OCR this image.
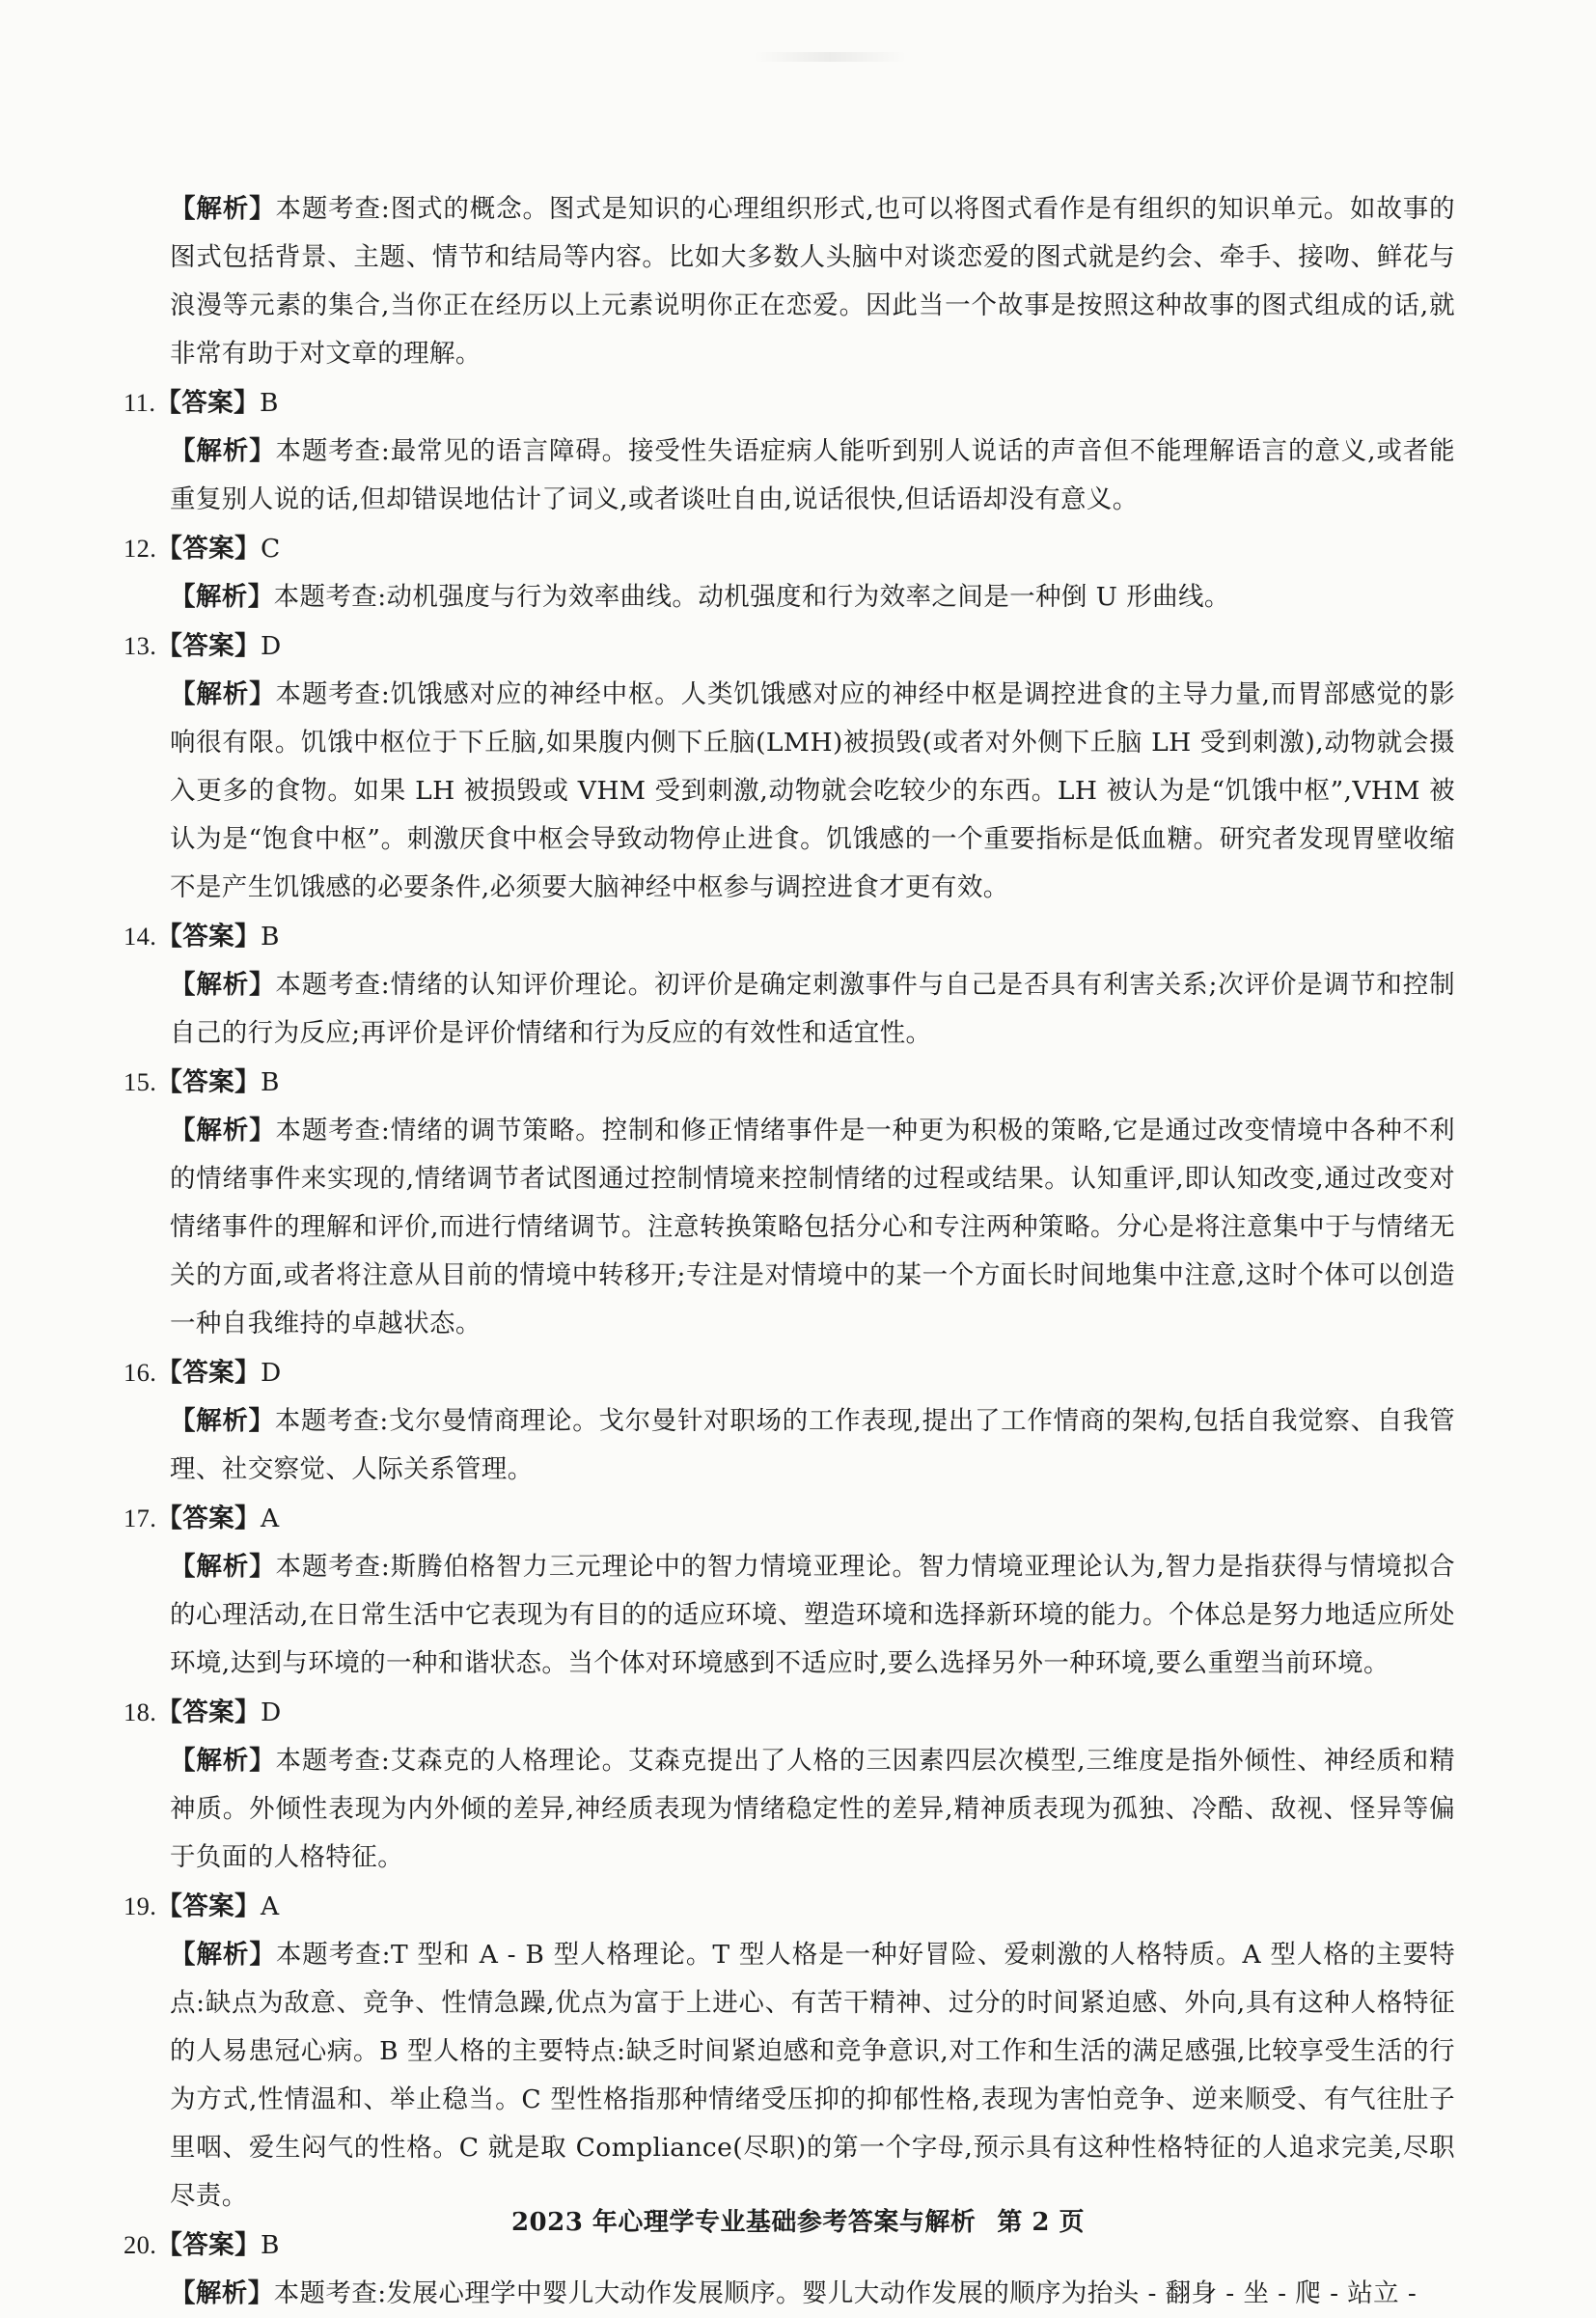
【解析】本题考查:图式的概念。图式是知识的心理组织形式,也可以将图式看作是有组织的知识单元。如故事的图式包括背景、主题、情节和结局等内容。比如大多数人头脑中对谈恋爱的图式就是约会、牵手、接吻、鲜花与浪漫等元素的集合,当你正在经历以上元素说明你正在恋爱。因此当一个故事是按照这种故事的图式组成的话,就非常有助于对文章的理解。

11.【答案】B

【解析】本题考查:最常见的语言障碍。接受性失语症病人能听到别人说话的声音但不能理解语言的意义,或者能重复别人说的话,但却错误地估计了词义,或者谈吐自由,说话很快,但话语却没有意义。

12.【答案】C

【解析】本题考查:动机强度与行为效率曲线。动机强度和行为效率之间是一种倒 U 形曲线。

13.【答案】D

【解析】本题考查:饥饿感对应的神经中枢。人类饥饿感对应的神经中枢是调控进食的主导力量,而胃部感觉的影响很有限。饥饿中枢位于下丘脑,如果腹内侧下丘脑(LMH)被损毁(或者对外侧下丘脑 LH 受到刺激),动物就会摄入更多的食物。如果 LH 被损毁或 VHM 受到刺激,动物就会吃较少的东西。LH 被认为是“饥饿中枢”,VHM 被认为是“饱食中枢”。刺激厌食中枢会导致动物停止进食。饥饿感的一个重要指标是低血糖。研究者发现胃壁收缩不是产生饥饿感的必要条件,必须要大脑神经中枢参与调控进食才更有效。

14.【答案】B

【解析】本题考查:情绪的认知评价理论。初评价是确定刺激事件与自己是否具有利害关系;次评价是调节和控制自己的行为反应;再评价是评价情绪和行为反应的有效性和适宜性。

15.【答案】B

【解析】本题考查:情绪的调节策略。控制和修正情绪事件是一种更为积极的策略,它是通过改变情境中各种不利的情绪事件来实现的,情绪调节者试图通过控制情境来控制情绪的过程或结果。认知重评,即认知改变,通过改变对情绪事件的理解和评价,而进行情绪调节。注意转换策略包括分心和专注两种策略。分心是将注意集中于与情绪无关的方面,或者将注意从目前的情境中转移开;专注是对情境中的某一个方面长时间地集中注意,这时个体可以创造一种自我维持的卓越状态。

16.【答案】D

【解析】本题考查:戈尔曼情商理论。戈尔曼针对职场的工作表现,提出了工作情商的架构,包括自我觉察、自我管理、社交察觉、人际关系管理。

17.【答案】A

【解析】本题考查:斯腾伯格智力三元理论中的智力情境亚理论。智力情境亚理论认为,智力是指获得与情境拟合的心理活动,在日常生活中它表现为有目的的适应环境、塑造环境和选择新环境的能力。个体总是努力地适应所处环境,达到与环境的一种和谐状态。当个体对环境感到不适应时,要么选择另外一种环境,要么重塑当前环境。

18.【答案】D

【解析】本题考查:艾森克的人格理论。艾森克提出了人格的三因素四层次模型,三维度是指外倾性、神经质和精神质。外倾性表现为内外倾的差异,神经质表现为情绪稳定性的差异,精神质表现为孤独、冷酷、敌视、怪异等偏于负面的人格特征。

19.【答案】A

【解析】本题考查:T 型和 A - B 型人格理论。T 型人格是一种好冒险、爱刺激的人格特质。A 型人格的主要特点:缺点为敌意、竞争、性情急躁,优点为富于上进心、有苦干精神、过分的时间紧迫感、外向,具有这种人格特征的人易患冠心病。B 型人格的主要特点:缺乏时间紧迫感和竞争意识,对工作和生活的满足感强,比较享受生活的行为方式,性情温和、举止稳当。C 型性格指那种情绪受压抑的抑郁性格,表现为害怕竞争、逆来顺受、有气往肚子里咽、爱生闷气的性格。C 就是取 Compliance(尽职)的第一个字母,预示具有这种性格特征的人追求完美,尽职尽责。

20.【答案】B

【解析】本题考查:发展心理学中婴儿大动作发展顺序。婴儿大动作发展的顺序为抬头 - 翻身 - 坐 - 爬 - 站立 -

2023 年心理学专业基础参考答案与解析 第 2 页
